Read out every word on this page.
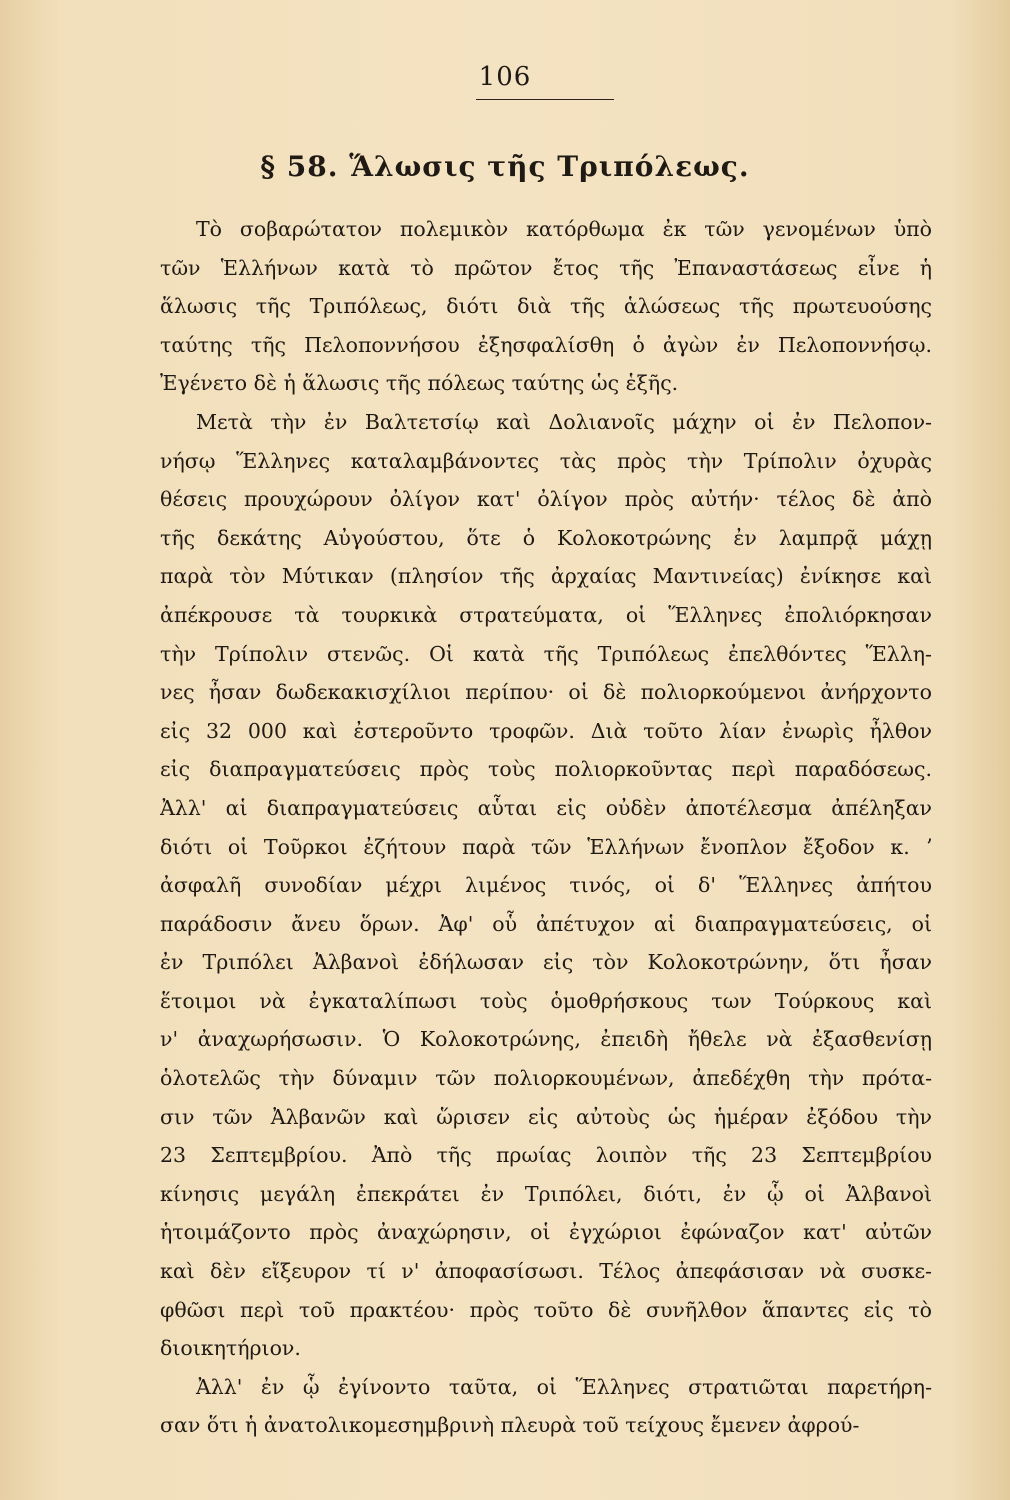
106
§ 58. Ἅλωσις τῆς Τριπόλεως.
Τὸ σοβαρώτατον πολεμικὸν κατόρθωμα ἐκ τῶν γενομένων ὑπὸ
τῶν Ἑλλήνων κατὰ τὸ πρῶτον ἔτος τῆς Ἐπαναστάσεως εἶνε ἡ
ἅλωσις τῆς Τριπόλεως, διότι διὰ τῆς ἁλώσεως τῆς πρωτευούσης
ταύτης τῆς Πελοποννήσου ἐξησφαλίσθη ὁ ἀγὼν ἐν Πελοποννήσῳ.
Ἐγένετο δὲ ἡ ἅλωσις τῆς πόλεως ταύτης ὡς ἑξῆς.
Μετὰ τὴν ἐν Βαλτετσίῳ καὶ Δολιανοῖς μάχην οἱ ἐν Πελοπον-
νήσῳ Ἕλληνες καταλαμβάνοντες τὰς πρὸς τὴν Τρίπολιν ὀχυρὰς
θέσεις προυχώρουν ὀλίγον κατ' ὀλίγον πρὸς αὐτήν· τέλος δὲ ἀπὸ
τῆς δεκάτης Αὐγούστου, ὅτε ὁ Κολοκοτρώνης ἐν λαμπρᾷ μάχῃ
παρὰ τὸν Μύτικαν (πλησίον τῆς ἀρχαίας Μαντινείας) ἐνίκησε καὶ
ἀπέκρουσε τὰ τουρκικὰ στρατεύματα, οἱ Ἕλληνες ἐπολιόρκησαν
τὴν Τρίπολιν στενῶς. Οἱ κατὰ τῆς Τριπόλεως ἐπελθόντες Ἕλλη-
νες ἦσαν δωδεκακισχίλιοι περίπου· οἱ δὲ πολιορκούμενοι ἀνήρχοντο
εἰς 32 000 καὶ ἐστεροῦντο τροφῶν. Διὰ τοῦτο λίαν ἐνωρὶς ἦλθον
εἰς διαπραγματεύσεις πρὸς τοὺς πολιορκοῦντας περὶ παραδόσεως.
Ἀλλ' αἱ διαπραγματεύσεις αὗται εἰς οὐδὲν ἀποτέλεσμα ἀπέληξαν
διότι οἱ Τοῦρκοι ἐζήτουν παρὰ τῶν Ἑλλήνων ἔνοπλον ἔξοδον κ. ʼ
ἀσφαλῆ συνοδίαν μέχρι λιμένος τινός, οἱ δ' Ἕλληνες ἀπήτου
παράδοσιν ἄνευ ὅρων. Ἀφ' οὗ ἀπέτυχον αἱ διαπραγματεύσεις, οἱ
ἐν Τριπόλει Ἀλβανοὶ ἐδήλωσαν εἰς τὸν Κολοκοτρώνην, ὅτι ἦσαν
ἕτοιμοι νὰ ἐγκαταλίπωσι τοὺς ὁμοθρήσκους των Τούρκους καὶ
ν' ἀναχωρήσωσιν. Ὁ Κολοκοτρώνης, ἐπειδὴ ἤθελε νὰ ἐξασθενίσῃ
ὁλοτελῶς τὴν δύναμιν τῶν πολιορκουμένων, ἀπεδέχθη τὴν πρότα-
σιν τῶν Ἀλβανῶν καὶ ὥρισεν εἰς αὐτοὺς ὡς ἡμέραν ἐξόδου τὴν
23 Σεπτεμβρίου. Ἀπὸ τῆς πρωίας λοιπὸν τῆς 23 Σεπτεμβρίου
κίνησις μεγάλη ἐπεκράτει ἐν Τριπόλει, διότι, ἐν ᾧ οἱ Ἀλβανοὶ
ἡτοιμάζοντο πρὸς ἀναχώρησιν, οἱ ἐγχώριοι ἐφώναζον κατ' αὐτῶν
καὶ δὲν εἴξευρον τί ν' ἀποφασίσωσι. Τέλος ἀπεφάσισαν νὰ συσκε-
φθῶσι περὶ τοῦ πρακτέου· πρὸς τοῦτο δὲ συνῆλθον ἅπαντες εἰς τὸ
διοικητήριον.
Ἀλλ' ἐν ᾧ ἐγίνοντο ταῦτα, οἱ Ἕλληνες στρατιῶται παρετήρη-
σαν ὅτι ἡ ἀνατολικομεσημβρινὴ πλευρὰ τοῦ τείχους ἔμενεν ἀφρού-
